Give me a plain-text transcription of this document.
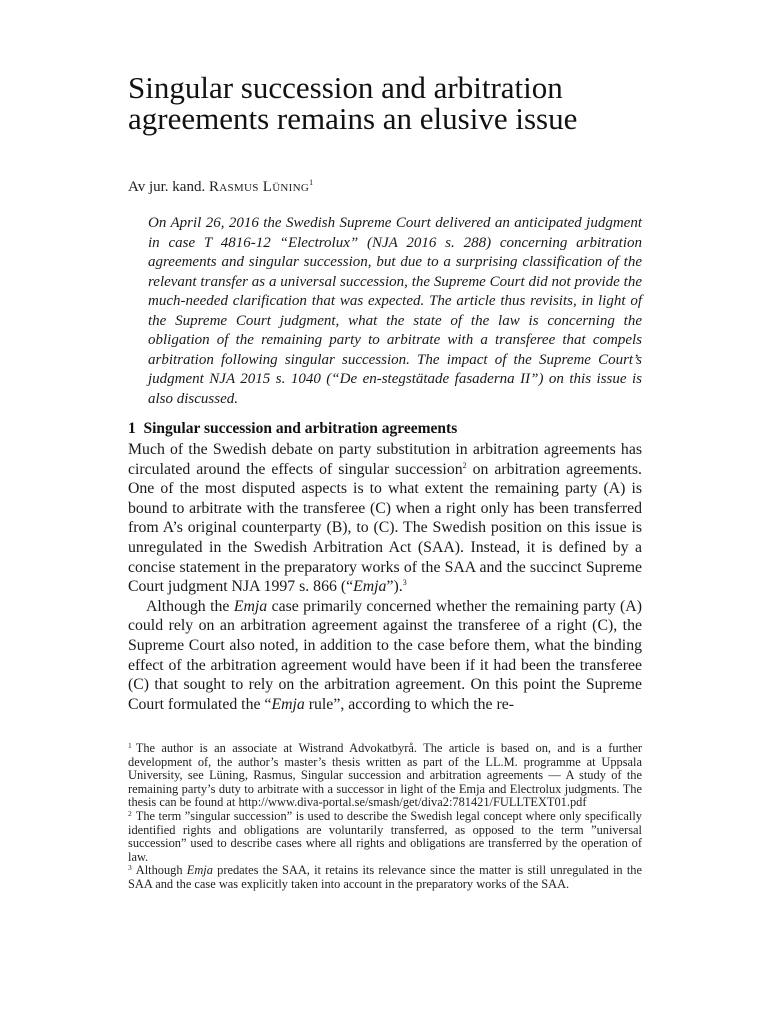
Singular succession and arbitration
agreements remains an elusive issue
Av jur. kand. Rasmus Lüning$^1$

On April 26, 2016 the Swedish Supreme Court delivered an anticipated judgment in case T 4816-12 “Electrolux” (NJA 2016 s. 288) concerning arbitration agreements and singular succession, but due to a surprising classification of the relevant transfer as a universal succession, the Supreme Court did not provide the much-needed clarification that was expected. The article thus revisits, in light of the Supreme Court judgment, what the state of the law is concerning the obligation of the remaining party to arbitrate with a transferee that compels arbitration following singular succession. The impact of the Supreme Court’s judgment NJA 2015 s. 1040 (“De en-stegstätade fasaderna II”) on this issue is also discussed.

1 Singular succession and arbitration agreements

Much of the Swedish debate on party substitution in arbitration agreements has circulated around the effects of singular succession$^2$ on arbitration agreements. One of the most disputed aspects is to what extent the remaining party (A) is bound to arbitrate with the transferee (C) when a right only has been transferred from A’s original counterparty (B), to (C). The Swedish position on this issue is unregulated in the Swedish Arbitration Act (SAA). Instead, it is defined by a concise statement in the preparatory works of the SAA and the succinct Supreme Court judgment NJA 1997 s. 866 (“Emja”).$^3$

Although the Emja case primarily concerned whether the remaining party (A) could rely on an arbitration agreement against the transferee of a right (C), the Supreme Court also noted, in addition to the case before them, what the binding effect of the arbitration agreement would have been if it had been the transferee (C) that sought to rely on the arbitration agreement. On this point the Supreme Court formulated the “Emja rule”, according to which the re-

$^1$ The author is an associate at Wistrand Advokatbyrå. The article is based on, and is a further development of, the author’s master’s thesis written as part of the LL.M. programme at Uppsala University, see Lüning, Rasmus, Singular succession and arbitration agreements — A study of the remaining party’s duty to arbitrate with a successor in light of the Emja and Electrolux judgments. The thesis can be found at http://www.diva-portal.se/smash/get/diva2:781421/FULLTEXT01.pdf

$^2$ The term ”singular succession” is used to describe the Swedish legal concept where only specifically identified rights and obligations are voluntarily transferred, as opposed to the term ”universal succession” used to describe cases where all rights and obligations are transferred by the operation of law.

$^3$ Although Emja predates the SAA, it retains its relevance since the matter is still unregulated in the SAA and the case was explicitly taken into account in the preparatory works of the SAA.
